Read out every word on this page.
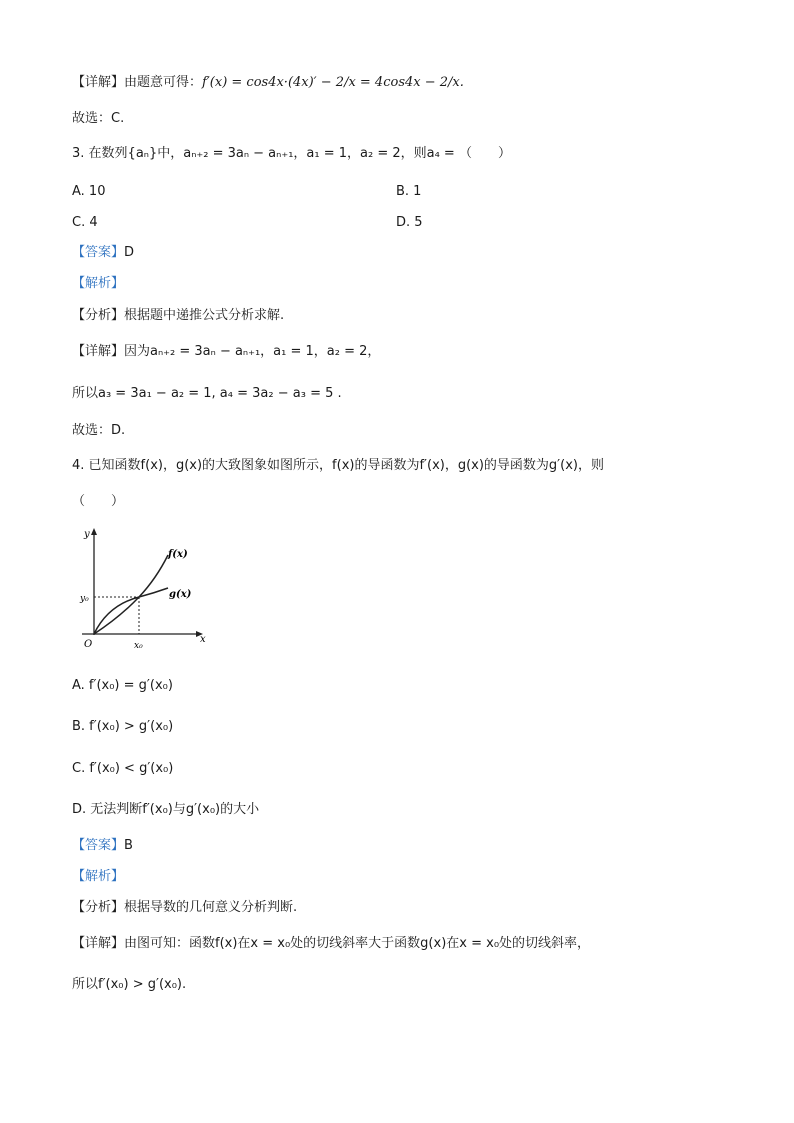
【详解】由题意可得：f′(x) = cos4x·(4x)′ − 2/x = 4cos4x − 2/x.
故选：C.
3. 在数列{aₙ}中，aₙ₊₂ = 3aₙ − aₙ₊₁，a₁ = 1，a₂ = 2，则a₄ = （　　）
A. 10	B. 1
C. 4	D. 5
【答案】D
【解析】
【分析】根据题中递推公式分析求解.
【详解】因为aₙ₊₂ = 3aₙ − aₙ₊₁，a₁ = 1，a₂ = 2，
所以a₃ = 3a₁ − a₂ = 1, a₄ = 3a₂ − a₃ = 5 .
故选：D.
4. 已知函数f(x)，g(x)的大致图象如图所示，f(x)的导函数为f′(x)，g(x)的导函数为g′(x)，则
（　　）
y
x
O
y₀
x₀
f(x)
g(x)
A. f′(x₀) = g′(x₀)
B. f′(x₀) > g′(x₀)
C. f′(x₀) < g′(x₀)
D. 无法判断f′(x₀)与g′(x₀)的大小
【答案】B
【解析】
【分析】根据导数的几何意义分析判断.
【详解】由图可知：函数f(x)在x = x₀处的切线斜率大于函数g(x)在x = x₀处的切线斜率，
所以f′(x₀) > g′(x₀).
